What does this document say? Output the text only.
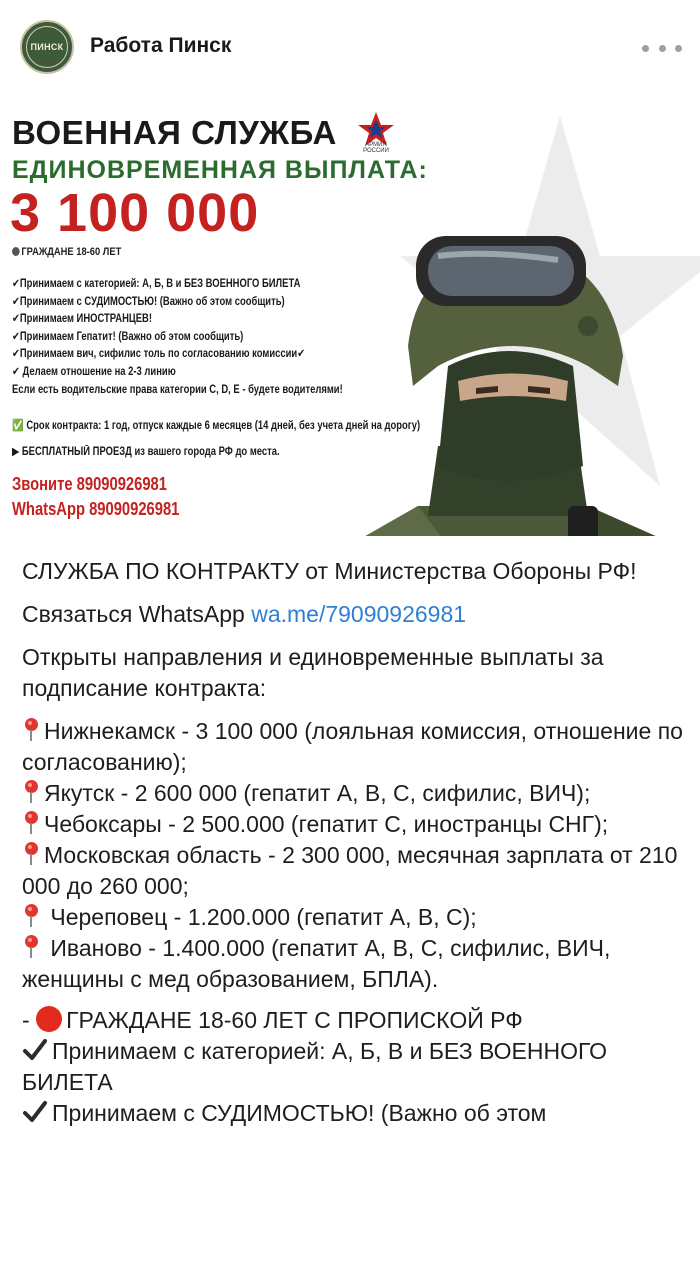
ПИНСК Работа Пинск
ВОЕННАЯ СЛУЖБА	АРМИЯ РОССИИ
ЕДИНОВРЕМЕННАЯ ВЫПЛАТА:
3 100 000
ГРАЖДАНЕ 18-60 ЛЕТ
✔Принимаем с категорией: А, Б, В и БЕЗ ВОЕННОГО БИЛЕТА
✔Принимаем с СУДИМОСТЬЮ! (Важно об этом сообщить)
✔Принимаем ИНОСТРАНЦЕВ!
✔Принимаем Гепатит! (Важно об этом сообщить)
✔Принимаем вич, сифилис толь по согласованию комиссии✔
✔ Делаем отношение на 2-3 линию
Если есть водительские права категории С, D, Е - будете водителями!
✅ Срок контракта: 1 год, отпуск каждые 6 месяцев (14 дней, без учета дней на дорогу)
▶ БЕСПЛАТНЫЙ ПРОЕЗД из вашего города РФ до места.
Звоните 89090926981
WhatsApp 89090926981

СЛУЖБА ПО КОНТРАКТУ от Министерства Обороны РФ!

Связаться WhatsApp wa.me/79090926981

Открыты направления и единовременные выплаты за подписание контракта:

Нижнекамск - 3 100 000 (лояльная комиссия, отношение по согласованию);

Якутск - 2 600 000 (гепатит А, В, С, сифилис, ВИЧ);

Чебоксары - 2 500.000 (гепатит С, иностранцы СНГ);

Московская область - 2 300 000, месячная зарплата от 210 000 до 260 000;

Череповец - 1.200.000 (гепатит А, В, С);

Иваново - 1.400.000 (гепатит А, В, С, сифилис, ВИЧ, женщины с мед образованием, БПЛА).

- ГРАЖДАНЕ 18-60 ЛЕТ С ПРОПИСКОЙ РФ
Принимаем с категорией: А, Б, В и БЕЗ ВОЕННОГО БИЛЕТА
Принимаем с СУДИМОСТЬЮ! (Важно об этом
